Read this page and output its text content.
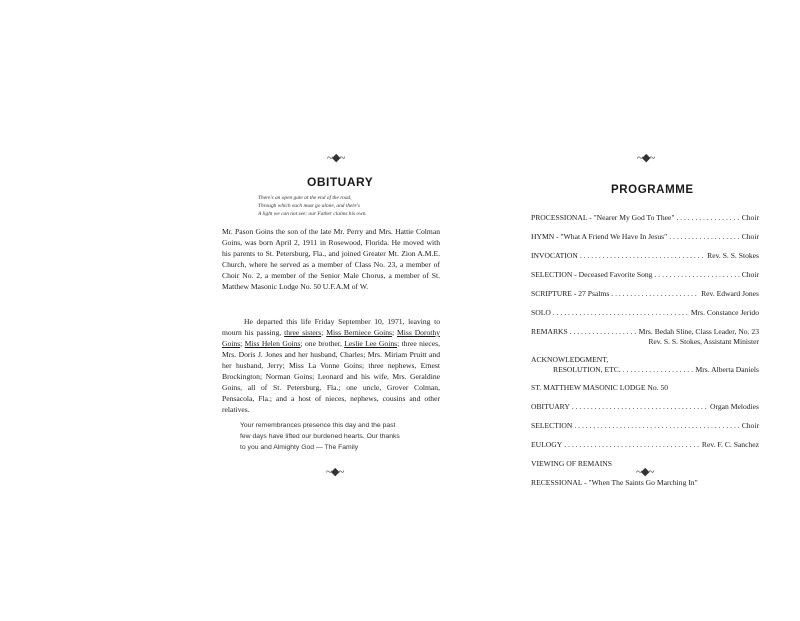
~◆~
OBITUARY
There's an open gate at the end of the road,
Through which each must go alone, and there's
A light we can not see: our Father claims his own.
Mr. Pason Goins the son of the late Mr. Perry and Mrs. Hattie Colman Goins, was born April 2, 1911 in Rosewood, Florida. He moved with his parents to St. Petersburg, Fla., and joined Greater Mt. Zion A.M.E. Church, where he served as a member of Class No. 23, a member of Choir No. 2, a member of the Senior Male Chorus, a member of St. Matthew Masonic Lodge No. 50 U.F.A.M of W.
He departed this life Friday September 10, 1971, leaving to mourn his passing, three sisters; Miss Berniece Goins; Miss Dorothy Goins; Miss Helen Goins; one brother, Leslie Lee Goins; three nieces, Mrs. Doris J. Jones and her husband, Charles; Mrs. Miriam Pruitt and her husband, Jerry; Miss La Vonne Goins; three nephews, Ernest Brockington; Norman Goins; Leonard and his wife, Mrs. Geraldine Goins, all of St. Petersburg, Fla.; one uncle, Grover Colman, Pensacola, Fla.; and a host of nieces, nephews, cousins and other relatives.
Your remembrances presence this day and the past
few days have lifted our burdened hearts. Our thanks
to you and Almighty God — The Family
~◆~
~◆~
PROGRAMME
PROCESSIONAL - "Nearer My God To Thee" . . .	Choir
HYMN - "What A Friend We Have In Jesus" . . .	Choir
INVOCATION . . .	Rev. S. S. Stokes
SELECTION - Deceased Favorite Song . . .	Choir
SCRIPTURE - 27 Psalms . . .	Rev. Edward Jones
SOLO . . .	Mrs. Constance Jerido
REMARKS . . .	Mrs. Bedah Sline, Class Leader, No. 23
Rev. S. S. Stokes, Assistant Minister
ACKNOWLEDGMENT,
RESOLUTION, ETC. . . .	Mrs. Alberta Daniels
ST. MATTHEW MASONIC LODGE No. 50
OBITUARY . . .	Organ Melodies
SELECTION . . .	Choir
EULOGY . . .	Rev. F. C. Sanchez
VIEWING OF REMAINS
RECESSIONAL - "When The Saints Go Marching In"
~◆~
